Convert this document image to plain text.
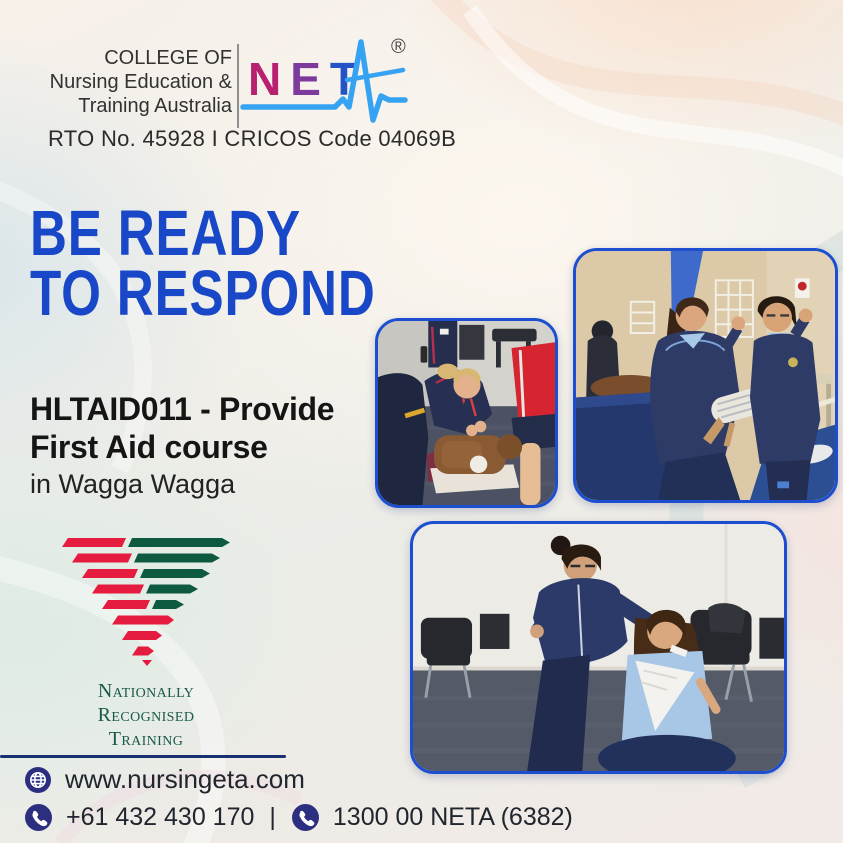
COLLEGE OF
Nursing Education &
Training Australia
NET
®
RTO No. 45928 I CRICOS Code 04069B
BE READY
TO RESPOND
HLTAID011 - Provide
First Aid course
in Wagga Wagga
Nationally Recognised
Training
www.nursingeta.com
+61 432 430 170 | 1300 00 NETA (6382)
